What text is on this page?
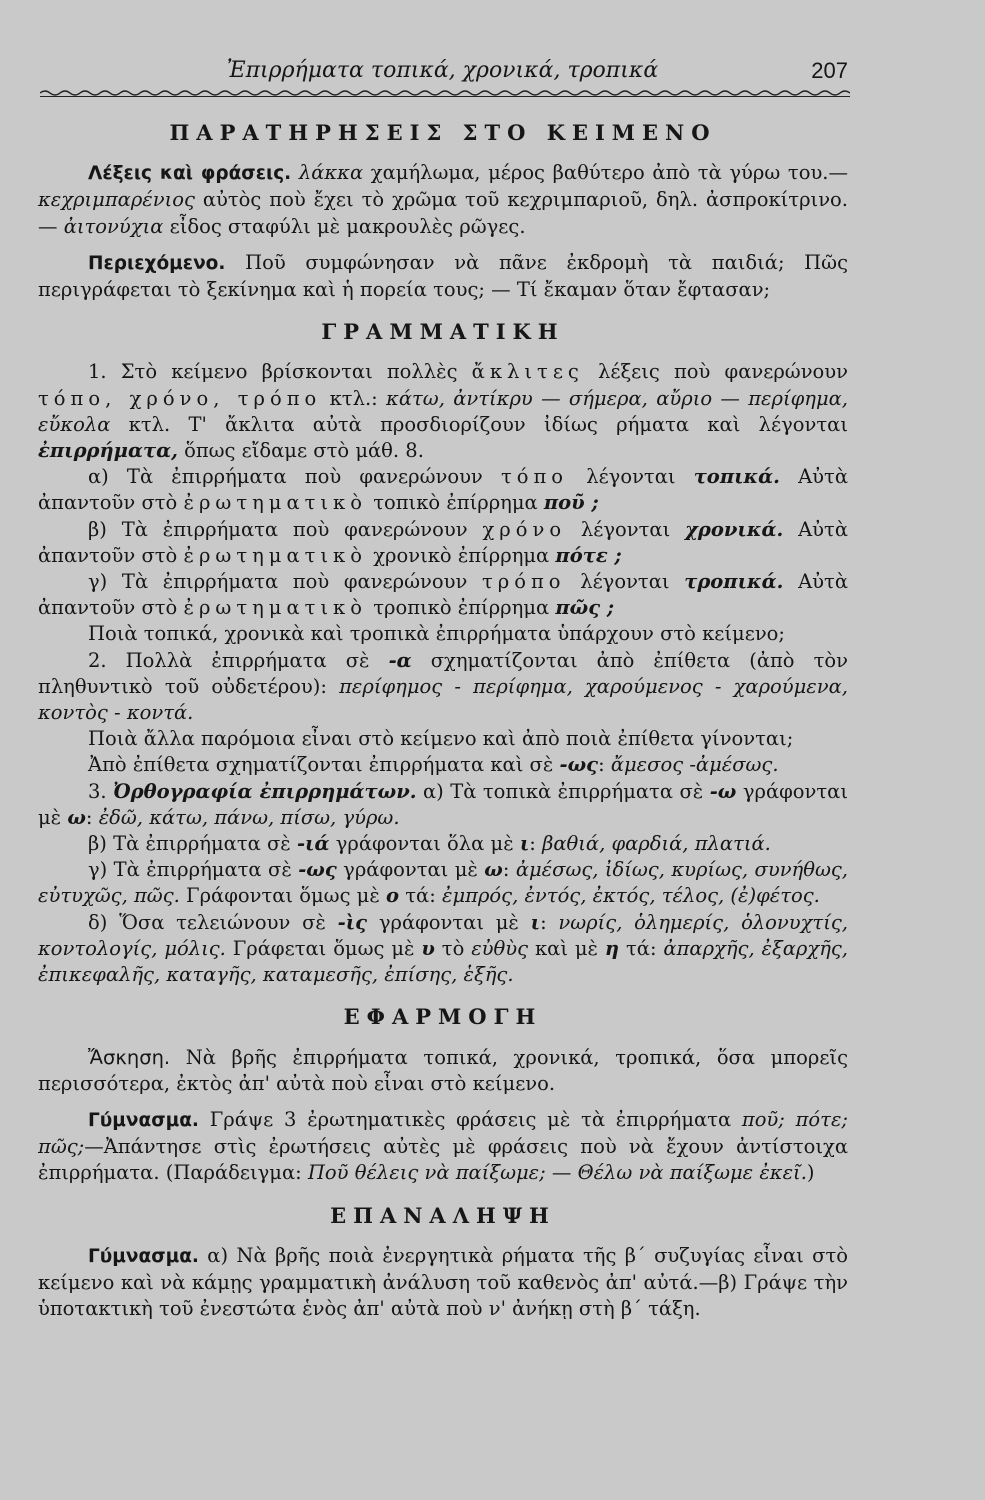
Ἐπιρρήματα τοπικά, χρονικά, τροπικά	207
ΠΑΡΑΤΗΡΗΣΕΙΣ ΣΤΟ ΚΕΙΜΕΝΟ

Λέξεις καὶ φράσεις. λάκκα χαμήλωμα, μέρος βαθύτερο ἀπὸ τὰ γύρω του.— κεχριμπαρένιος αὐτὸς ποὺ ἔχει τὸ χρῶμα τοῦ κεχριμπαριοῦ, δηλ. ἀσπροκίτρινο.— ἀιτονύχια εἶδος σταφύλι μὲ μακρουλὲς ρῶγες.

Περιεχόμενο. Ποῦ συμφώνησαν νὰ πᾶνε ἐκδρομὴ τὰ παιδιά; Πῶς περιγράφεται τὸ ξεκίνημα καὶ ἡ πορεία τους; — Τί ἔκαμαν ὅταν ἔφτασαν;

ΓΡΑΜΜΑΤΙΚΗ

1. Στὸ κείμενο βρίσκονται πολλὲς ἄκλιτες λέξεις ποὺ φανερώνουν τόπο, χρόνο, τρόπο κτλ.: κάτω, ἀντίκρυ — σήμερα, αὔριο — περίφημα, εὔκολα κτλ. Τ' ἄκλιτα αὐτὰ προσδιορίζουν ἰδίως ρήματα καὶ λέγονται ἐπιρρήματα, ὅπως εἴδαμε στὸ μάθ. 8.

α) Τὰ ἐπιρρήματα ποὺ φανερώνουν τόπο λέγονται τοπικά. Αὐτὰ ἀπαντοῦν στὸ ἐρωτηματικὸ τοπικὸ ἐπίρρημα ποῦ ;

β) Τὰ ἐπιρρήματα ποὺ φανερώνουν χρόνο λέγονται χρονικά. Αὐτὰ ἀπαντοῦν στὸ ἐρωτηματικὸ χρονικὸ ἐπίρρημα πότε ;

γ) Τὰ ἐπιρρήματα ποὺ φανερώνουν τρόπο λέγονται τροπικά. Αὐτὰ ἀπαντοῦν στὸ ἐρωτηματικὸ τροπικὸ ἐπίρρημα πῶς ;

Ποιὰ τοπικά, χρονικὰ καὶ τροπικὰ ἐπιρρήματα ὑπάρχουν στὸ κείμενο;

2. Πολλὰ ἐπιρρήματα σὲ -α σχηματίζονται ἀπὸ ἐπίθετα (ἀπὸ τὸν πληθυντικὸ τοῦ οὐδετέρου): περίφημος - περίφημα, χαρούμενος - χαρούμενα, κοντὸς - κοντά.

Ποιὰ ἄλλα παρόμοια εἶναι στὸ κείμενο καὶ ἀπὸ ποιὰ ἐπίθετα γίνονται;

Ἀπὸ ἐπίθετα σχηματίζονται ἐπιρρήματα καὶ σὲ -ως: ἄμεσος -ἀμέσως.

3. Ὀρθογραφία ἐπιρρημάτων. α) Τὰ τοπικὰ ἐπιρρήματα σὲ -ω γράφονται μὲ ω: ἐδῶ, κάτω, πάνω, πίσω, γύρω.

β) Τὰ ἐπιρρήματα σὲ -ιά γράφονται ὅλα μὲ ι: βαθιά, φαρδιά, πλατιά.

γ) Τὰ ἐπιρρήματα σὲ -ως γράφονται μὲ ω: ἀμέσως, ἰδίως, κυρίως, συνήθως, εὐτυχῶς, πῶς. Γράφονται ὅμως μὲ ο τά: ἐμπρός, ἐντός, ἐκτός, τέλος, (ἐ)φέτος.

δ) Ὅσα τελειώνουν σὲ -ὶς γράφονται μὲ ι: νωρίς, ὁλημερίς, ὁλονυχτίς, κοντολογίς, μόλις. Γράφεται ὅμως μὲ υ τὸ εὐθὺς καὶ μὲ η τά: ἀπαρχῆς, ἐξαρχῆς, ἐπικεφαλῆς, καταγῆς, καταμεσῆς, ἐπίσης, ἑξῆς.

ΕΦΑΡΜΟΓΗ

Ἄσκηση. Νὰ βρῆς ἐπιρρήματα τοπικά, χρονικά, τροπικά, ὅσα μπορεῖς περισσότερα, ἐκτὸς ἀπ' αὐτὰ ποὺ εἶναι στὸ κείμενο.

Γύμνασμα. Γράψε 3 ἐρωτηματικὲς φράσεις μὲ τὰ ἐπιρρήματα ποῦ; πότε; πῶς;—Ἀπάντησε στὶς ἐρωτήσεις αὐτὲς μὲ φράσεις ποὺ νὰ ἔχουν ἀντίστοιχα ἐπιρρήματα. (Παράδειγμα: Ποῦ θέλεις νὰ παίξωμε; — Θέλω νὰ παίξωμε ἐκεῖ.)

ΕΠΑΝΑΛΗΨΗ

Γύμνασμα. α) Νὰ βρῆς ποιὰ ἐνεργητικὰ ρήματα τῆς β΄ συζυγίας εἶναι στὸ κείμενο καὶ νὰ κάμῃς γραμματικὴ ἀνάλυση τοῦ καθενὸς ἀπ' αὐτά.—β) Γράψε τὴν ὑποτακτικὴ τοῦ ἐνεστώτα ἑνὸς ἀπ' αὐτὰ ποὺ ν' ἀνήκῃ στὴ β΄ τάξη.
